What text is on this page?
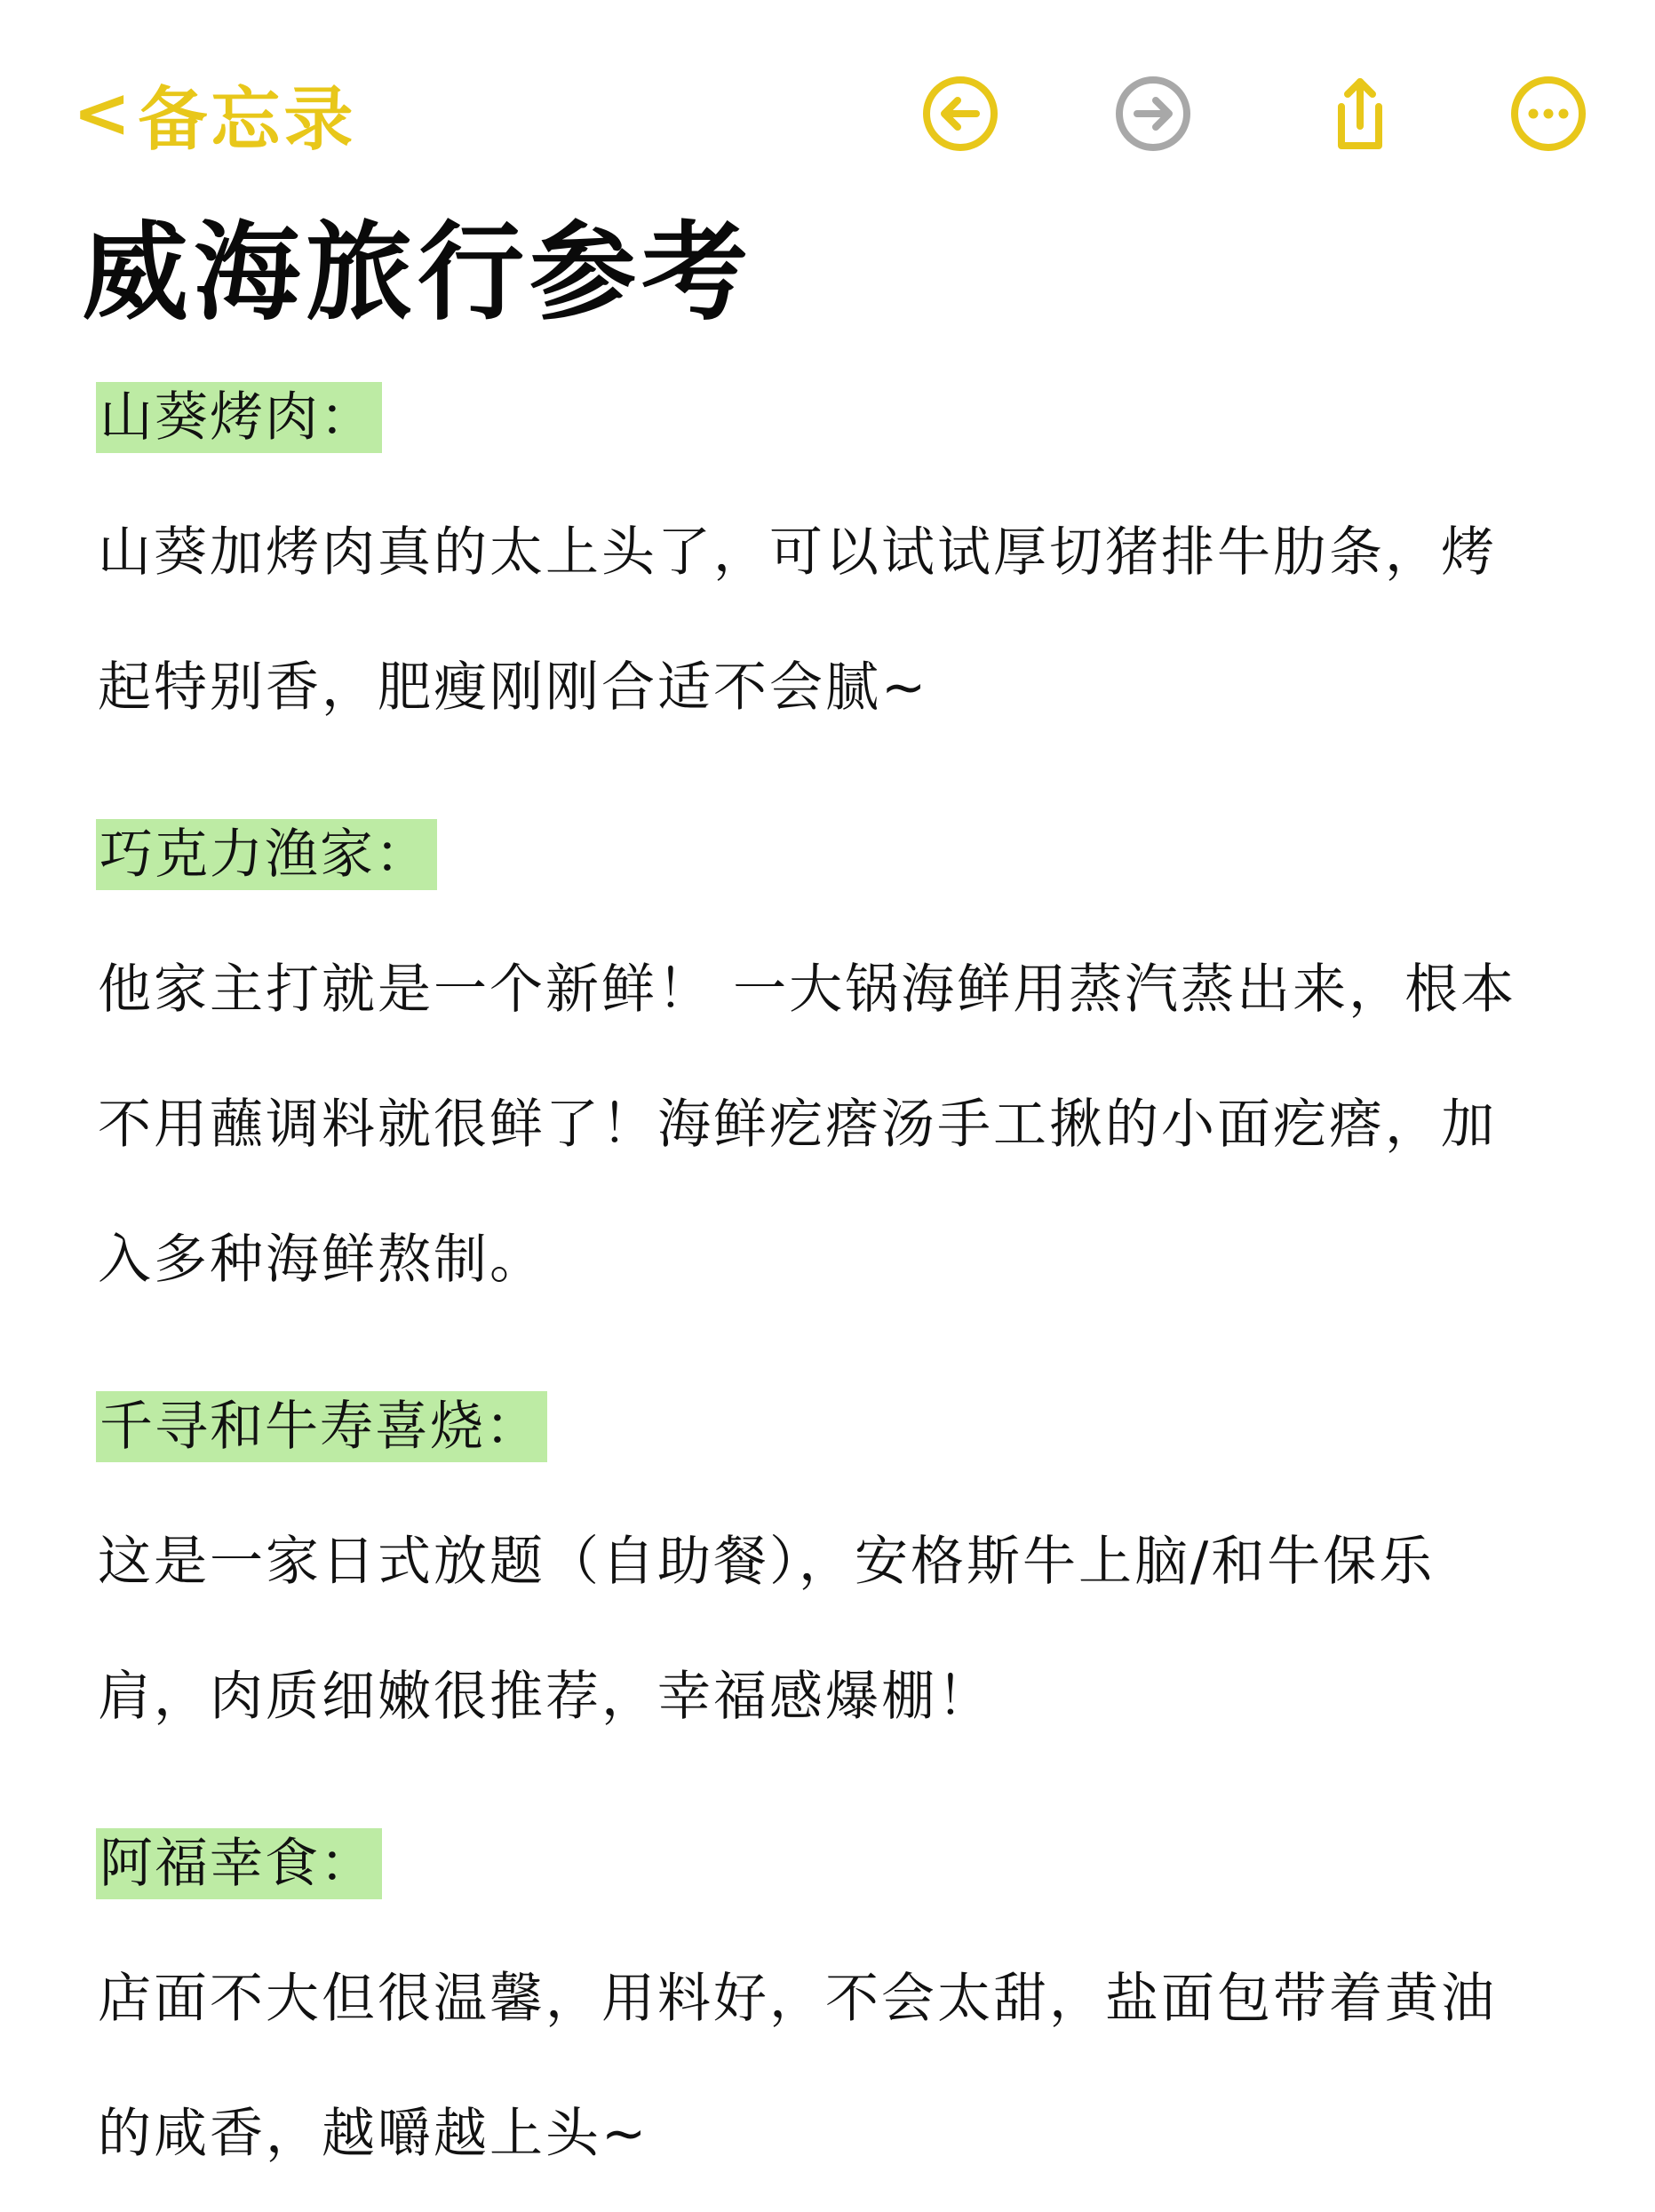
< 备忘录
威海旅行参考
山葵烤肉：
山葵加烤肉真的太上头了，可以试试厚切猪排牛肋条，烤
起特别香，肥瘦刚刚合适不会腻~
巧克力渔家：
他家主打就是一个新鲜！ 一大锅海鲜用蒸汽蒸出来，根本
不用蘸调料就很鲜了！海鲜疙瘩汤手工揪的小面疙瘩，加
入多种海鲜熬制。
千寻和牛寿喜烧：
这是一家日式放题（自助餐），安格斯牛上脑/和牛保乐
肩，肉质细嫩很推荐，幸福感爆棚！
阿福幸食：
店面不大但很温馨，用料好，不会太甜，盐面包带着黄油
的咸香，越嚼越上头~
